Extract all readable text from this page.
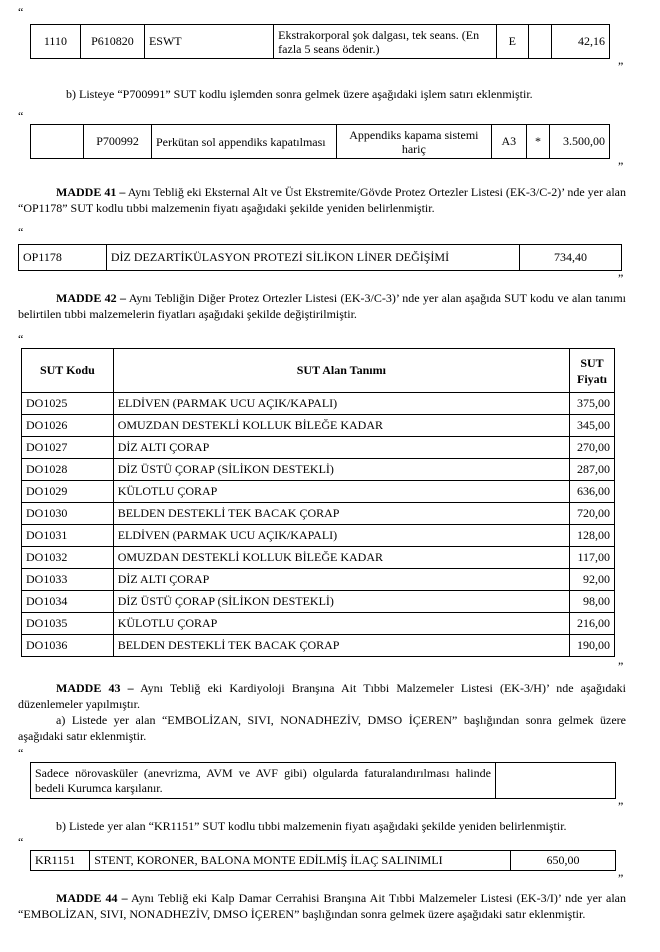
“
”
1110	P610820	ESWT	Ekstrakorporal şok dalgası, tek seans. (En fazla 5 seans ödenir.)	E		42,16
b) Listeye “P700991” SUT kodlu işlemden sonra gelmek üzere aşağıdaki işlem satırı eklenmiştir.
“
”
	P700992	Perkütan sol appendiks kapatılması	Appendiks kapama sistemi hariç	A3	*	3.500,00
MADDE 41 – Aynı Tebliğ eki Eksternal Alt ve Üst Ekstremite/Gövde Protez Ortezler Listesi (EK-3/C-2)’ nde yer alan “OP1178” SUT kodlu tıbbi malzemenin fiyatı aşağıdaki şekilde yeniden belirlenmiştir.
“
”
OP1178	DİZ DEZARTİKÜLASYON PROTEZİ SİLİKON LİNER DEĞİŞİMİ	734,40
MADDE 42 – Aynı Tebliğin Diğer Protez Ortezler Listesi (EK-3/C-3)’ nde yer alan aşağıda SUT kodu ve alan tanımı belirtilen tıbbi malzemelerin fiyatları aşağıdaki şekilde değiştirilmiştir.
“
”
SUT Kodu	SUT Alan Tanımı	SUT Fiyatı
DO1025	ELDİVEN (PARMAK UCU AÇIK/KAPALI)	375,00
DO1026	OMUZDAN DESTEKLİ KOLLUK BİLEĞE KADAR	345,00
DO1027	DİZ ALTI ÇORAP	270,00
DO1028	DİZ ÜSTÜ ÇORAP (SİLİKON DESTEKLİ)	287,00
DO1029	KÜLOTLU ÇORAP	636,00
DO1030	BELDEN DESTEKLİ TEK BACAK ÇORAP	720,00
DO1031	ELDİVEN (PARMAK UCU AÇIK/KAPALI)	128,00
DO1032	OMUZDAN DESTEKLİ KOLLUK BİLEĞE KADAR	117,00
DO1033	DİZ ALTI ÇORAP	92,00
DO1034	DİZ ÜSTÜ ÇORAP (SİLİKON DESTEKLİ)	98,00
DO1035	KÜLOTLU ÇORAP	216,00
DO1036	BELDEN DESTEKLİ TEK BACAK ÇORAP	190,00
MADDE 43 – Aynı Tebliğ eki Kardiyoloji Branşına Ait Tıbbi Malzemeler Listesi (EK-3/H)’ nde aşağıdaki düzenlemeler yapılmıştır.
a) Listede yer alan “EMBOLİZAN, SIVI, NONADHEZİV, DMSO İÇEREN” başlığından sonra gelmek üzere aşağıdaki satır eklenmiştir.
“
”
Sadece nörovasküler (anevrizma, AVM ve AVF gibi) olgularda faturalandırılması halinde bedeli Kurumca karşılanır.	
b) Listede yer alan “KR1151” SUT kodlu tıbbi malzemenin fiyatı aşağıdaki şekilde yeniden belirlenmiştir.
“
”
KR1151	STENT, KORONER, BALONA MONTE EDİLMİŞ İLAÇ SALINIMLI	650,00
MADDE 44 – Aynı Tebliğ eki Kalp Damar Cerrahisi Branşına Ait Tıbbi Malzemeler Listesi (EK-3/I)’ nde yer alan “EMBOLİZAN, SIVI, NONADHEZİV, DMSO İÇEREN” başlığından sonra gelmek üzere aşağıdaki satır eklenmiştir.
